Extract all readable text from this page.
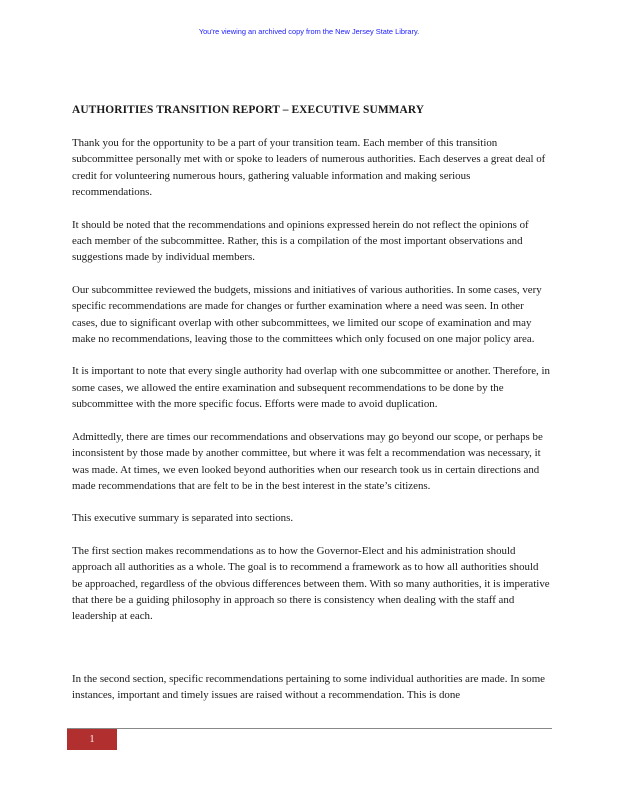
You're viewing an archived copy from the New Jersey State Library.
AUTHORITIES TRANSITION REPORT – EXECUTIVE SUMMARY

Thank you for the opportunity to be a part of your transition team. Each member of this transition subcommittee personally met with or spoke to leaders of numerous authorities. Each deserves a great deal of credit for volunteering numerous hours, gathering valuable information and making serious recommendations.

It should be noted that the recommendations and opinions expressed herein do not reflect the opinions of each member of the subcommittee. Rather, this is a compilation of the most important observations and suggestions made by individual members.

Our subcommittee reviewed the budgets, missions and initiatives of various authorities. In some cases, very specific recommendations are made for changes or further examination where a need was seen. In other cases, due to significant overlap with other subcommittees, we limited our scope of examination and may make no recommendations, leaving those to the committees which only focused on one major policy area.

It is important to note that every single authority had overlap with one subcommittee or another. Therefore, in some cases, we allowed the entire examination and subsequent recommendations to be done by the subcommittee with the more specific focus. Efforts were made to avoid duplication.

Admittedly, there are times our recommendations and observations may go beyond our scope, or perhaps be inconsistent by those made by another committee, but where it was felt a recommendation was necessary, it was made. At times, we even looked beyond authorities when our research took us in certain directions and made recommendations that are felt to be in the best interest in the state’s citizens.

This executive summary is separated into sections.

The first section makes recommendations as to how the Governor-Elect and his administration should approach all authorities as a whole. The goal is to recommend a framework as to how all authorities should be approached, regardless of the obvious differences between them. With so many authorities, it is imperative that there be a guiding philosophy in approach so there is consistency when dealing with the staff and leadership at each.

In the second section, specific recommendations pertaining to some individual authorities are made. In some instances, important and timely issues are raised without a recommendation. This is done

1
